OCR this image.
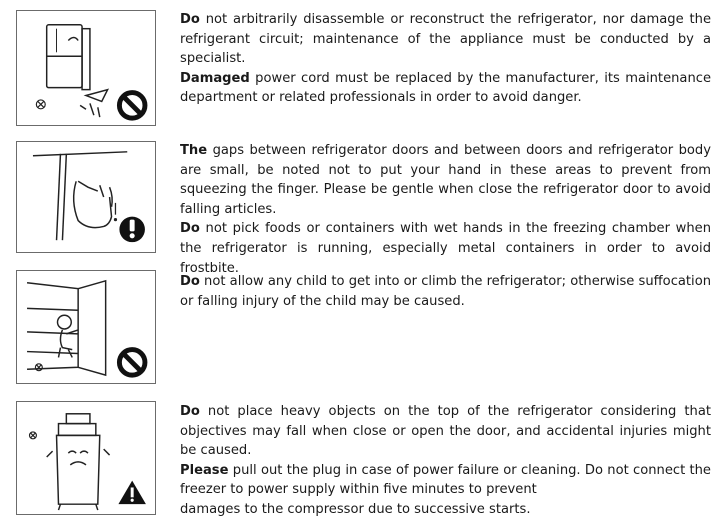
Do not arbitrarily disassemble or reconstruct the refrigerator, nor damage the refrigerant circuit; maintenance of the appliance must be conducted by a specialist.

Damaged power cord must be replaced by the manufacturer, its maintenance department or related professionals in order to avoid danger.

The gaps between refrigerator doors and between doors and refrigerator body are small, be noted not to put your hand in these areas to prevent from squeezing the finger. Please be gentle when close the refrigerator door to avoid falling articles.

Do not pick foods or containers with wet hands in the freezing chamber when the refrigerator is running, especially metal containers in order to avoid frostbite.

Do not allow any child to get into or climb the refrigerator; otherwise suffocation or falling injury of the child may be caused.

Do not place heavy objects on the top of the refrigerator considering that objectives may fall when close or open the door, and accidental injuries might be caused.

Please pull out the plug in case of power failure or cleaning. Do not connect the freezer to power supply within five minutes to prevent

damages to the compressor due to successive starts.
